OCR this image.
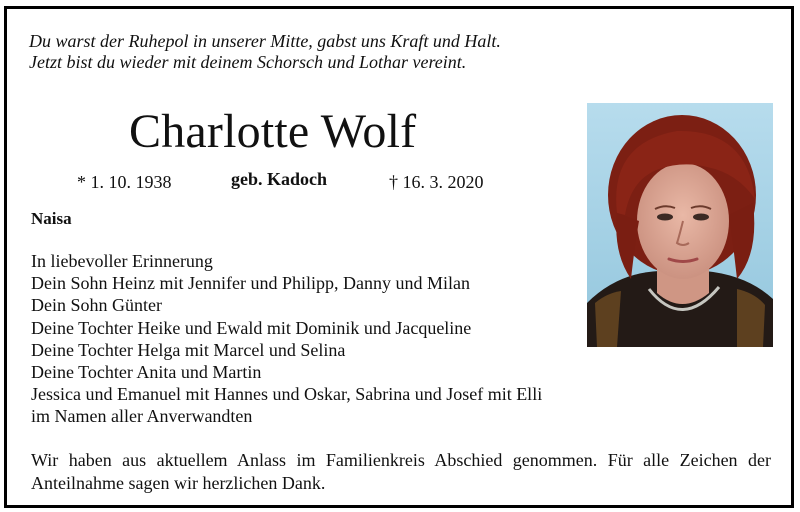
Du warst der Ruhepol in unserer Mitte, gabst uns Kraft und Halt.
Jetzt bist du wieder mit deinem Schorsch und Lothar vereint.
Charlotte Wolf
* 1. 10. 1938	geb. Kadoch	† 16. 3. 2020
Naisa
In liebevoller Erinnerung
Dein Sohn Heinz mit Jennifer und Philipp, Danny und Milan
Dein Sohn Günter
Deine Tochter Heike und Ewald mit Dominik und Jacqueline
Deine Tochter Helga mit Marcel und Selina
Deine Tochter Anita und Martin
Jessica und Emanuel mit Hannes und Oskar, Sabrina und Josef mit Elli
im Namen aller Anverwandten
Wir haben aus aktuellem Anlass im Familienkreis Abschied genommen. Für alle Zeichen der Anteilnahme sagen wir herzlichen Dank.
